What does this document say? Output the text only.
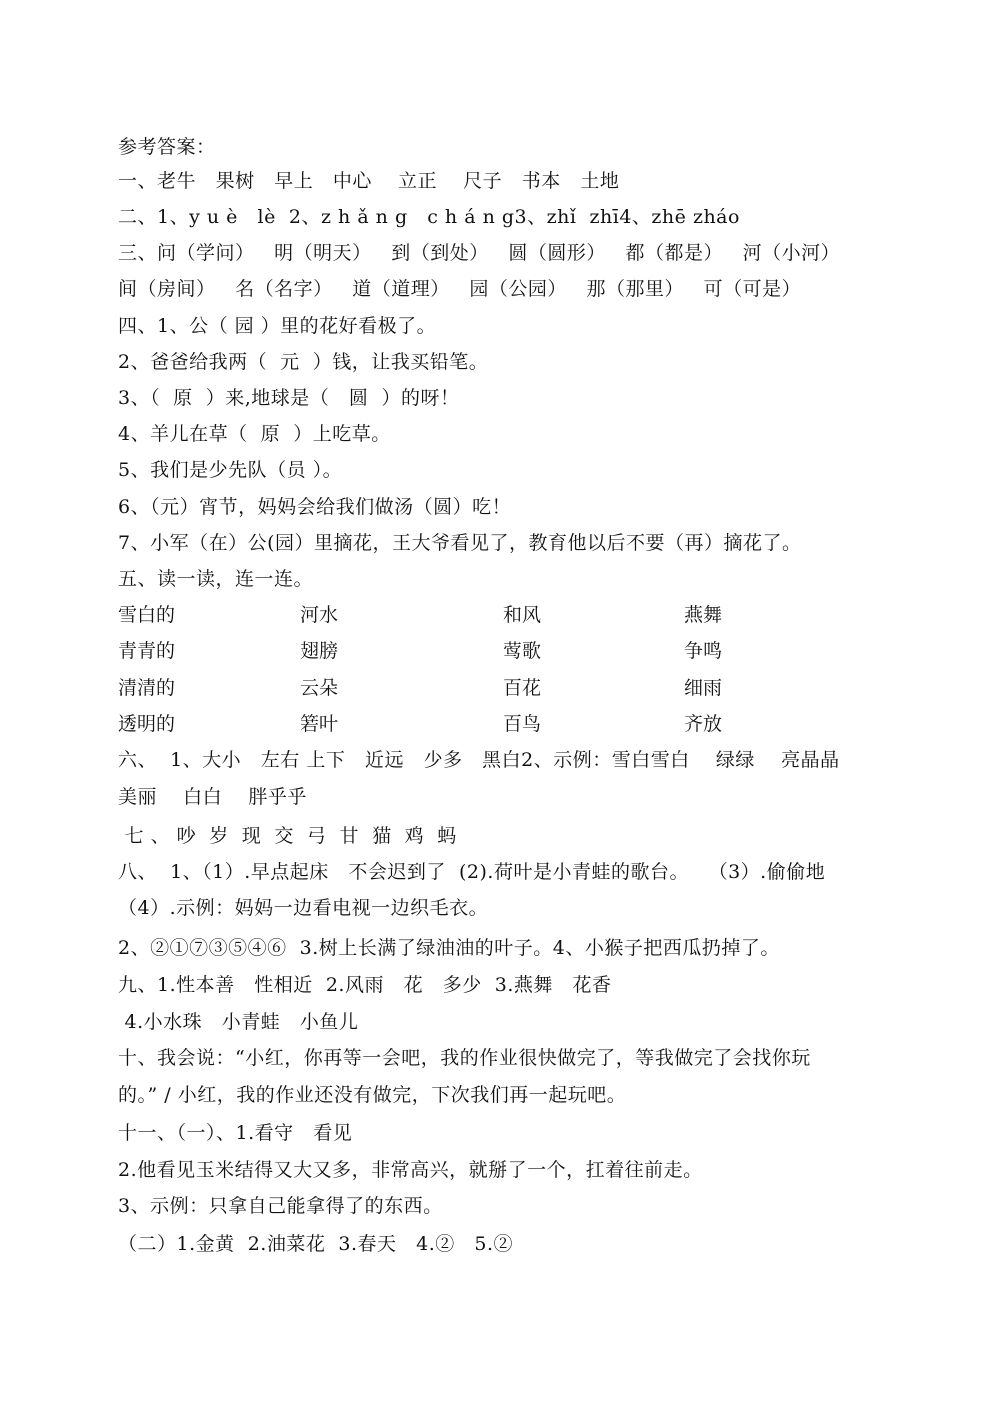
参考答案：
一、老牛   果树   早上   中心    立正    尺子   书本   土地
二、1、y u è   lè  2、z h ǎ n g   c h á n g3、zhǐ  zhī4、zhē zháo
三、问（学问）   明（明天）   到（到处）   圆（圆形）   都（都是）   河（小河）
间（房间）   名（名字）   道（道理）   园（公园）   那（那里）   可（可是）
四、1、公（ 园 ）里的花好看极了。
2、爸爸给我两（  元  ）钱，让我买铅笔。
3、（  原  ）来,地球是（   圆  ）的呀！
4、羊儿在草（  原  ）上吃草。
5、我们是少先队（员 ）。
6、（元）宵节，妈妈会给我们做汤（圆）吃！
7、小军（在）公(园）里摘花，王大爷看见了，教育他以后不要（再）摘花了。
五、读一读，连一连。
雪白的	河水	和风	燕舞
青青的	翅膀	莺歌	争鸣
清清的	云朵	百花	细雨
透明的	箬叶	百鸟	齐放
六、  1、大小   左右 上下   近远   少多   黑白2、示例：雪白雪白    绿绿    亮晶晶
美丽    白白    胖乎乎
七 、 吵  岁  现  交  弓  甘  猫  鸡  蚂
八、  1、（1）.早点起床   不会迟到了  (2).荷叶是小青蛙的歌台。   （3）.偷偷地
（4）.示例：妈妈一边看电视一边织毛衣。
2、②①⑦③⑤④⑥  3.树上长满了绿油油的叶子。4、小猴子把西瓜扔掉了。
九、1.性本善   性相近  2.风雨   花   多少  3.燕舞   花香
4.小水珠   小青蛙   小鱼儿
十、我会说：“小红，你再等一会吧，我的作业很快做完了，等我做完了会找你玩
的。” / 小红，我的作业还没有做完，下次我们再一起玩吧。
十一、（一）、1.看守   看见
2.他看见玉米结得又大又多，非常高兴，就掰了一个，扛着往前走。
3、示例：只拿自己能拿得了的东西。
（二）1.金黄  2.油菜花  3.春天   4.②   5.②
